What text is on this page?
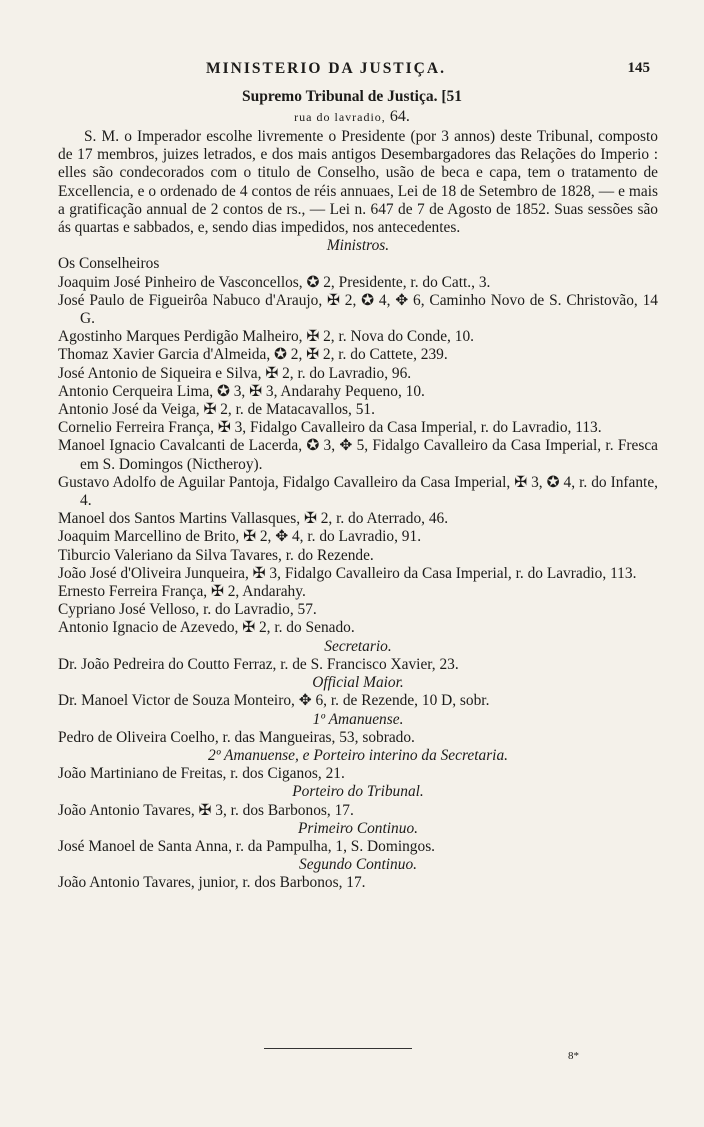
MINISTERIO DA JUSTIÇA.	145
Supremo Tribunal de Justiça. [51
rua do lavradio, 64.

S. M. o Imperador escolhe livremente o Presidente (por 3 annos) deste Tribunal, composto de 17 membros, juizes letrados, e dos mais antigos Desembargadores das Relações do Imperio : elles são condecorados com o titulo de Conselho, usão de beca e capa, tem o tratamento de Excellencia, e o ordenado de 4 contos de réis annuaes, Lei de 18 de Setembro de 1828, — e mais a gratificação annual de 2 contos de rs., — Lei n. 647 de 7 de Agosto de 1852. Suas sessões são ás quartas e sabbados, e, sendo dias impedidos, nos antecedentes.

Ministros.

Os Conselheiros

Joaquim José Pinheiro de Vasconcellos, ✪ 2, Presidente, r. do Catt., 3.

José Paulo de Figueirôa Nabuco d'Araujo, ✠ 2, ✪ 4, ✥ 6, Caminho Novo de S. Christovão, 14 G.

Agostinho Marques Perdigão Malheiro, ✠ 2, r. Nova do Conde, 10.

Thomaz Xavier Garcia d'Almeida, ✪ 2, ✠ 2, r. do Cattete, 239.

José Antonio de Siqueira e Silva, ✠ 2, r. do Lavradio, 96.

Antonio Cerqueira Lima, ✪ 3, ✠ 3, Andarahy Pequeno, 10.

Antonio José da Veiga, ✠ 2, r. de Matacavallos, 51.

Cornelio Ferreira França, ✠ 3, Fidalgo Cavalleiro da Casa Imperial, r. do Lavradio, 113.

Manoel Ignacio Cavalcanti de Lacerda, ✪ 3, ✥ 5, Fidalgo Cavalleiro da Casa Imperial, r. Fresca em S. Domingos (Nictheroy).

Gustavo Adolfo de Aguilar Pantoja, Fidalgo Cavalleiro da Casa Imperial, ✠ 3, ✪ 4, r. do Infante, 4.

Manoel dos Santos Martins Vallasques, ✠ 2, r. do Aterrado, 46.

Joaquim Marcellino de Brito, ✠ 2, ✥ 4, r. do Lavradio, 91.

Tiburcio Valeriano da Silva Tavares, r. do Rezende.

João José d'Oliveira Junqueira, ✠ 3, Fidalgo Cavalleiro da Casa Imperial, r. do Lavradio, 113.

Ernesto Ferreira França, ✠ 2, Andarahy.

Cypriano José Velloso, r. do Lavradio, 57.

Antonio Ignacio de Azevedo, ✠ 2, r. do Senado.

Secretario.

Dr. João Pedreira do Coutto Ferraz, r. de S. Francisco Xavier, 23.

Official Maior.

Dr. Manoel Victor de Souza Monteiro, ✥ 6, r. de Rezende, 10 D, sobr.

1º Amanuense.

Pedro de Oliveira Coelho, r. das Mangueiras, 53, sobrado.

2º Amanuense, e Porteiro interino da Secretaria.

João Martiniano de Freitas, r. dos Ciganos, 21.

Porteiro do Tribunal.

João Antonio Tavares, ✠ 3, r. dos Barbonos, 17.

Primeiro Continuo.

José Manoel de Santa Anna, r. da Pampulha, 1, S. Domingos.

Segundo Continuo.

João Antonio Tavares, junior, r. dos Barbonos, 17.

8*
